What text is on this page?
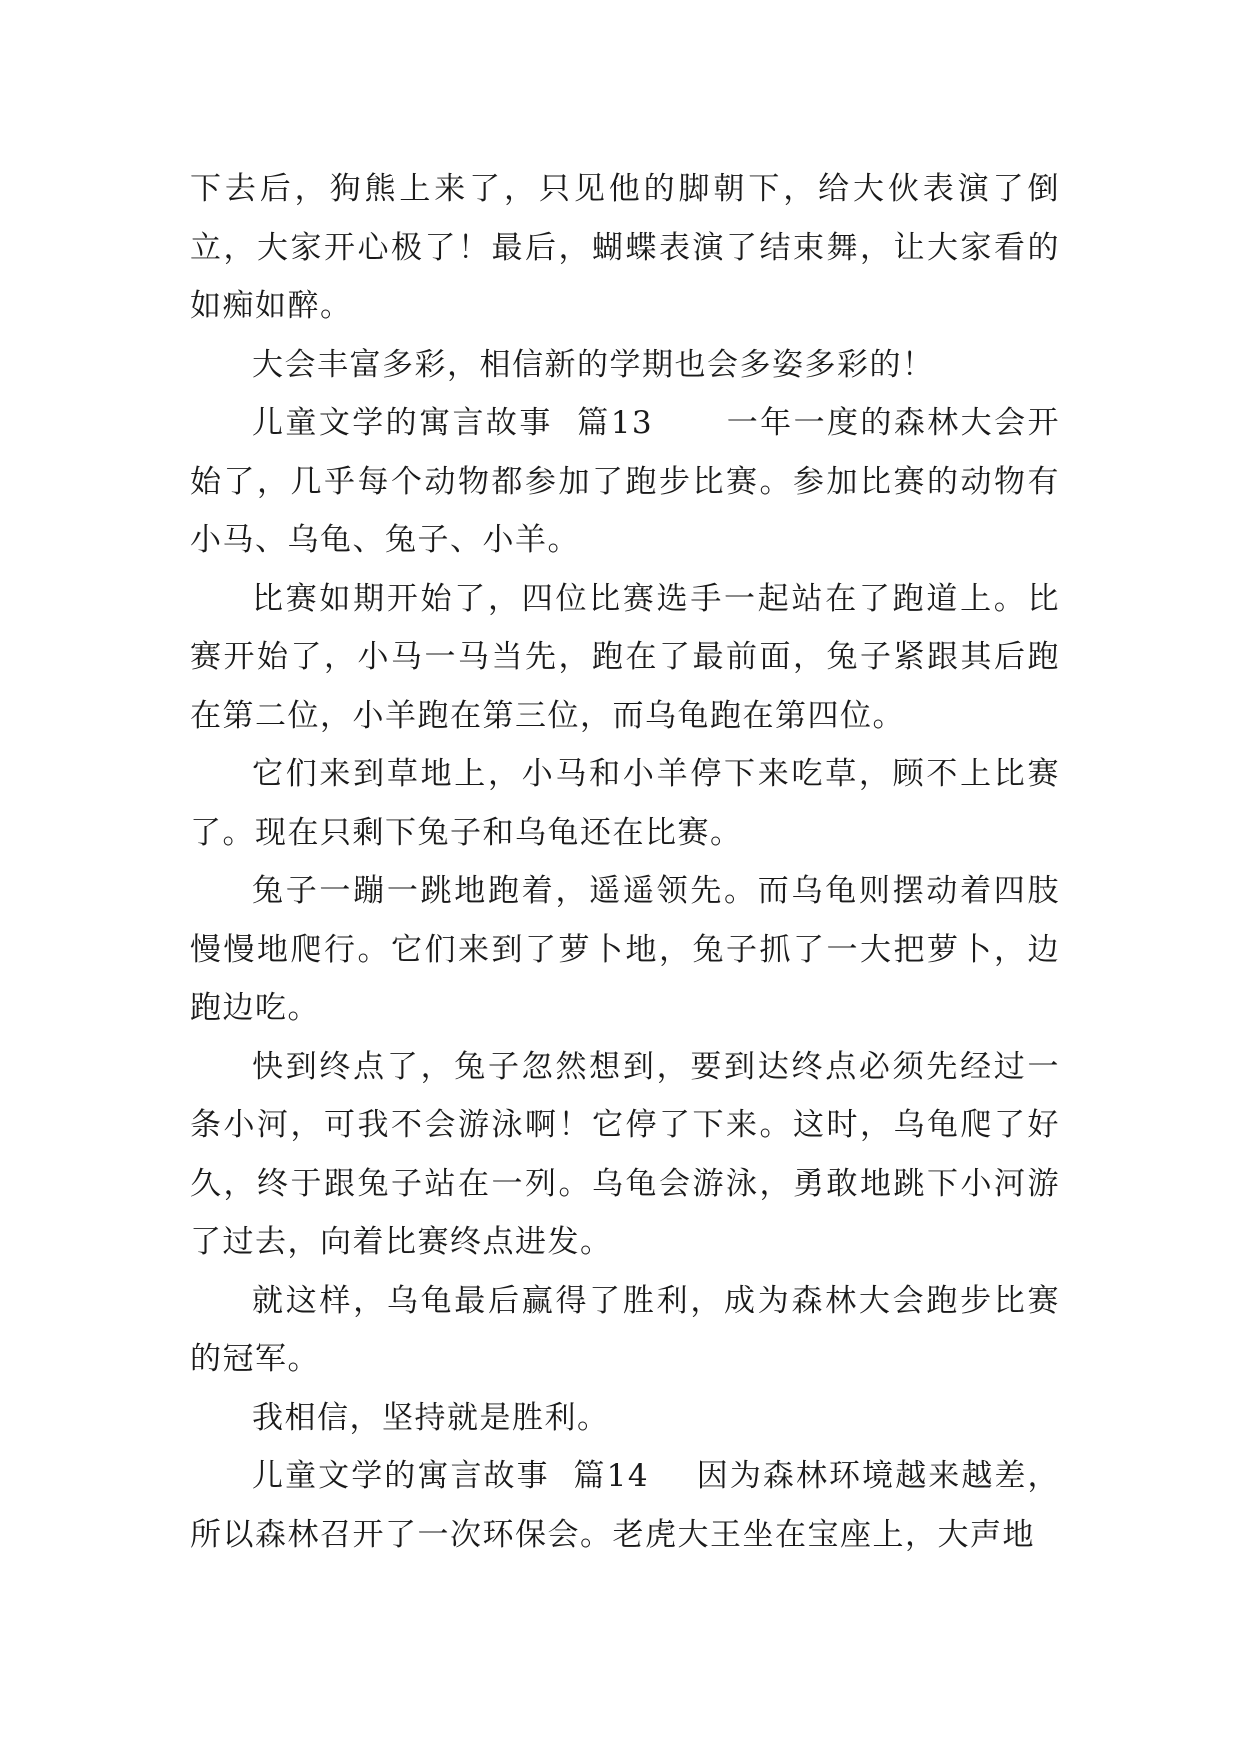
下去后，狗熊上来了，只见他的脚朝下，给大伙表演了倒立，大家开心极了！最后，蝴蝶表演了结束舞，让大家看的如痴如醉。

大会丰富多彩，相信新的学期也会多姿多彩的！

儿童文学的寓言故事  篇13 一年一度的森林大会开始了，几乎每个动物都参加了跑步比赛。参加比赛的动物有小马、乌龟、兔子、小羊。

比赛如期开始了，四位比赛选手一起站在了跑道上。比赛开始了，小马一马当先，跑在了最前面，兔子紧跟其后跑在第二位，小羊跑在第三位，而乌龟跑在第四位。

它们来到草地上，小马和小羊停下来吃草，顾不上比赛了。现在只剩下兔子和乌龟还在比赛。

兔子一蹦一跳地跑着，遥遥领先。而乌龟则摆动着四肢慢慢地爬行。它们来到了萝卜地，兔子抓了一大把萝卜，边跑边吃。

快到终点了，兔子忽然想到，要到达终点必须先经过一条小河，可我不会游泳啊！它停了下来。这时，乌龟爬了好久，终于跟兔子站在一列。乌龟会游泳，勇敢地跳下小河游了过去，向着比赛终点进发。

就这样，乌龟最后赢得了胜利，成为森林大会跑步比赛的冠军。

我相信，坚持就是胜利。

儿童文学的寓言故事  篇14 因为森林环境越来越差，所以森林召开了一次环保会。老虎大王坐在宝座上，大声地
